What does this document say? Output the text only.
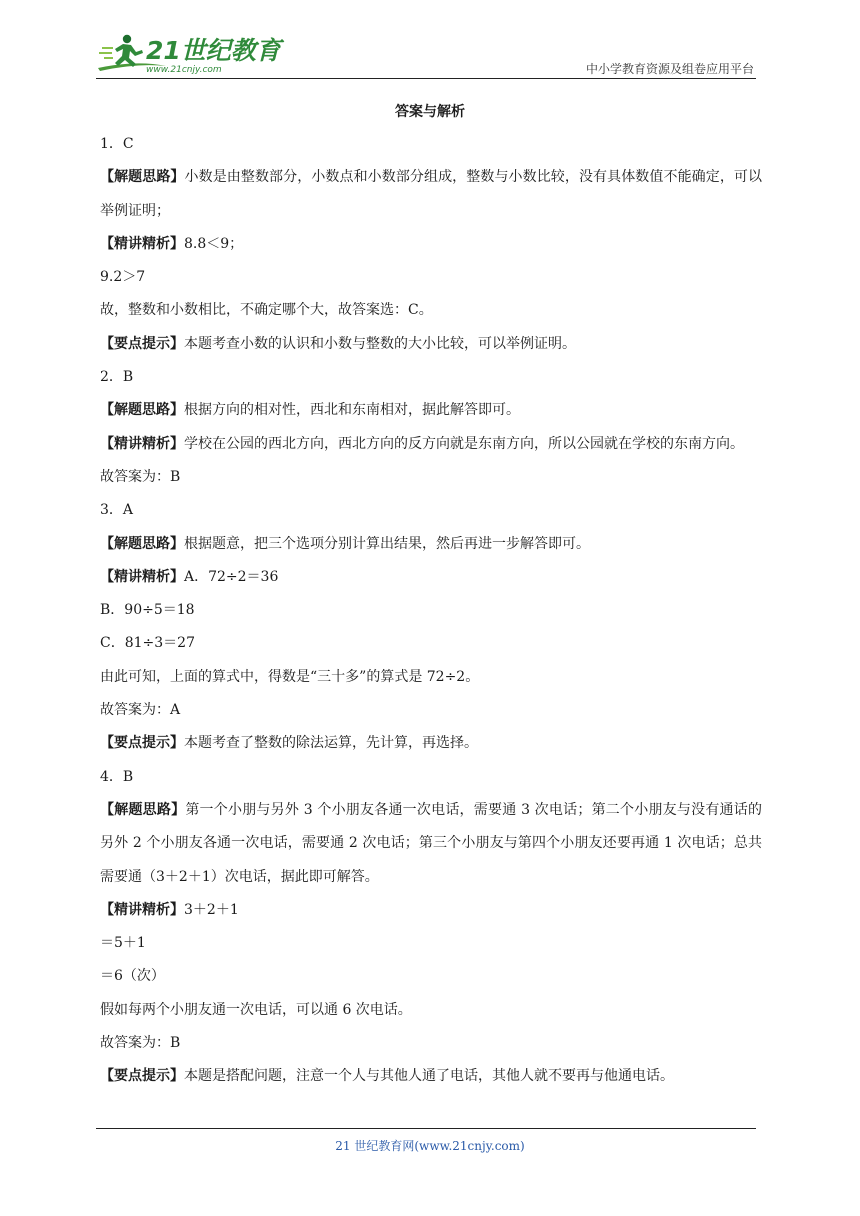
21世纪教育
www.21cnjy.com	中小学教育资源及组卷应用平台
答案与解析
1．C
【解题思路】小数是由整数部分，小数点和小数部分组成，整数与小数比较，没有具体数值不能确定，可以举例证明；
【精讲精析】8.8＜9；
9.2＞7
故，整数和小数相比，不确定哪个大，故答案选：C。
【要点提示】本题考查小数的认识和小数与整数的大小比较，可以举例证明。
2．B
【解题思路】根据方向的相对性，西北和东南相对，据此解答即可。
【精讲精析】学校在公园的西北方向，西北方向的反方向就是东南方向，所以公园就在学校的东南方向。
故答案为：B
3．A
【解题思路】根据题意，把三个选项分别计算出结果，然后再进一步解答即可。
【精讲精析】A．72÷2＝36
B．90÷5＝18
C．81÷3＝27
由此可知，上面的算式中，得数是“三十多”的算式是 72÷2。
故答案为：A
【要点提示】本题考查了整数的除法运算，先计算，再选择。
4．B
【解题思路】第一个小朋与另外 3 个小朋友各通一次电话，需要通 3 次电话；第二个小朋友与没有通话的另外 2 个小朋友各通一次电话，需要通 2 次电话；第三个小朋友与第四个小朋友还要再通 1 次电话；总共需要通（3＋2＋1）次电话，据此即可解答。
【精讲精析】3＋2＋1
＝5＋1
＝6（次）
假如每两个小朋友通一次电话，可以通 6 次电话。
故答案为：B
【要点提示】本题是搭配问题，注意一个人与其他人通了电话，其他人就不要再与他通电话。
21 世纪教育网(www.21cnjy.com)
